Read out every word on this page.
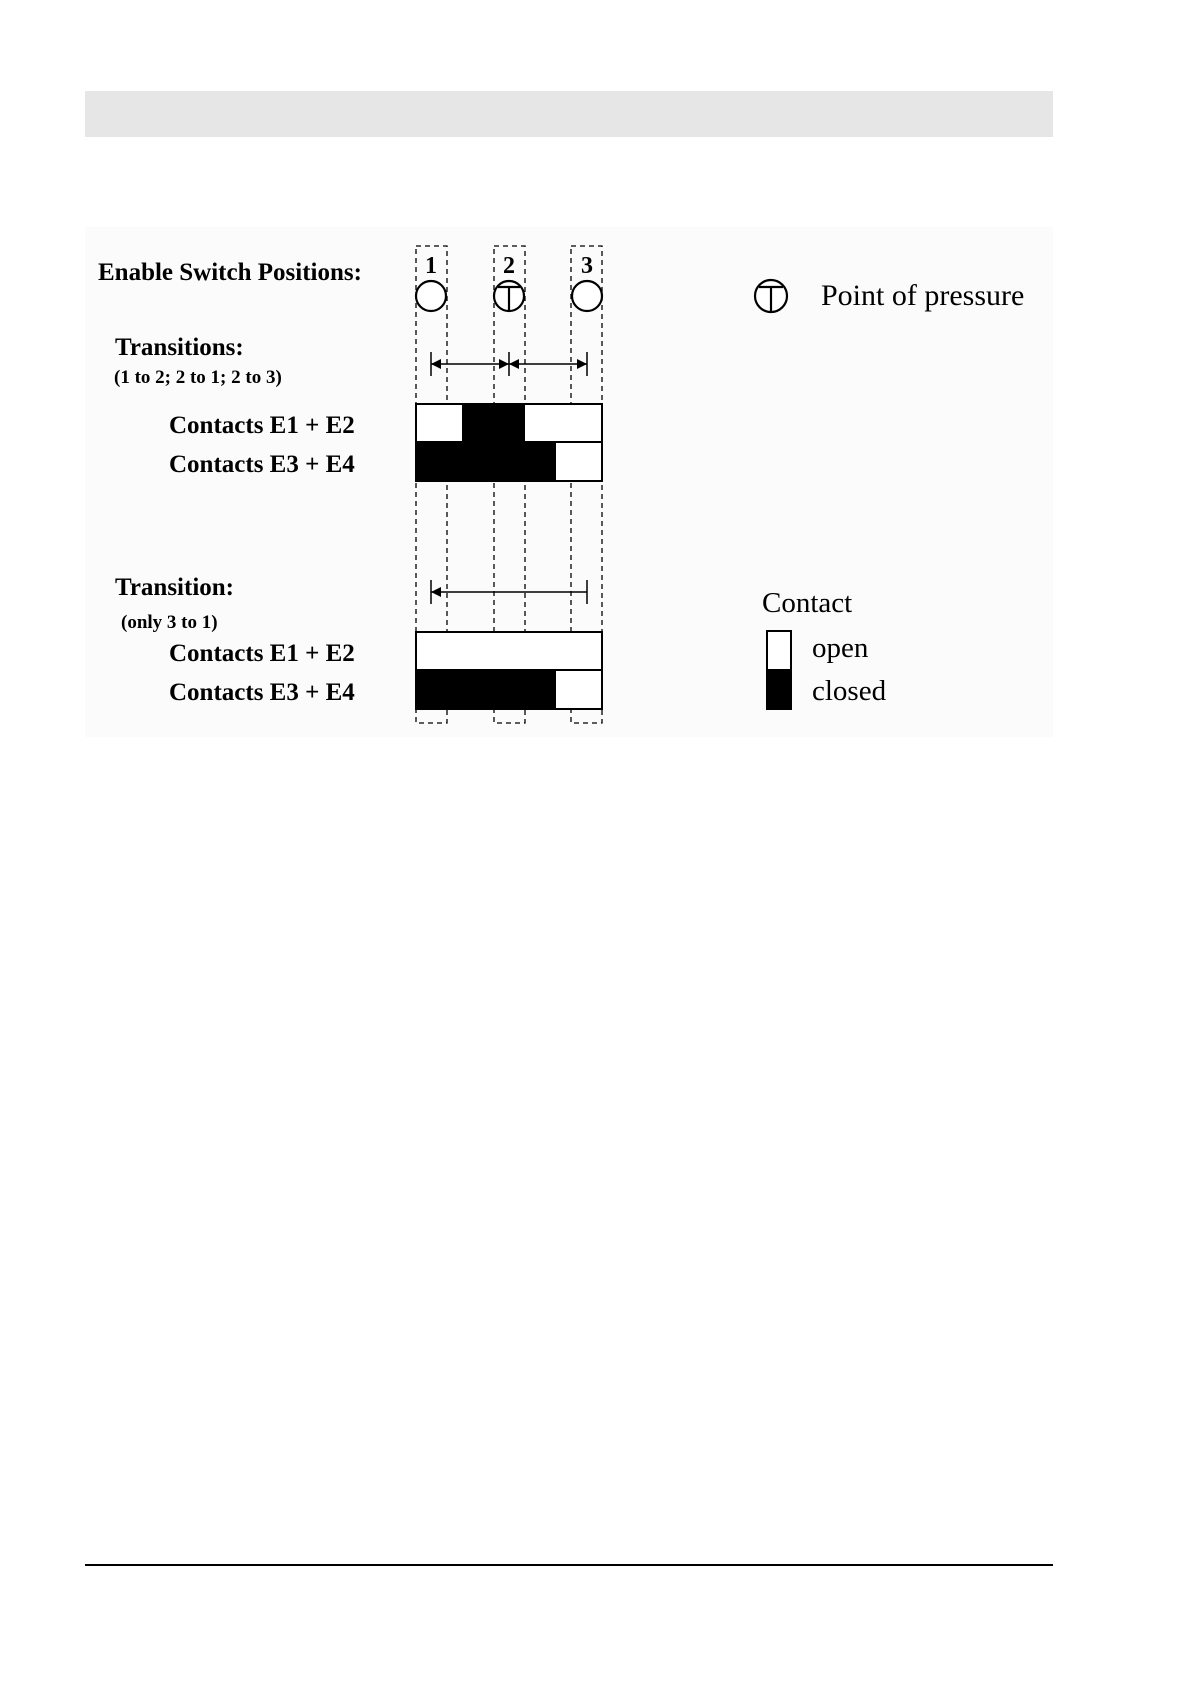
1	2	3
Enable Switch Positions:
Transitions:
(1 to 2; 2 to 1; 2 to 3)
Contacts E1 + E2
Contacts E3 + E4
Transition:
(only 3 to 1)
Contacts E1 + E2
Contacts E3 + E4
Point of pressure
Contact
open
closed
